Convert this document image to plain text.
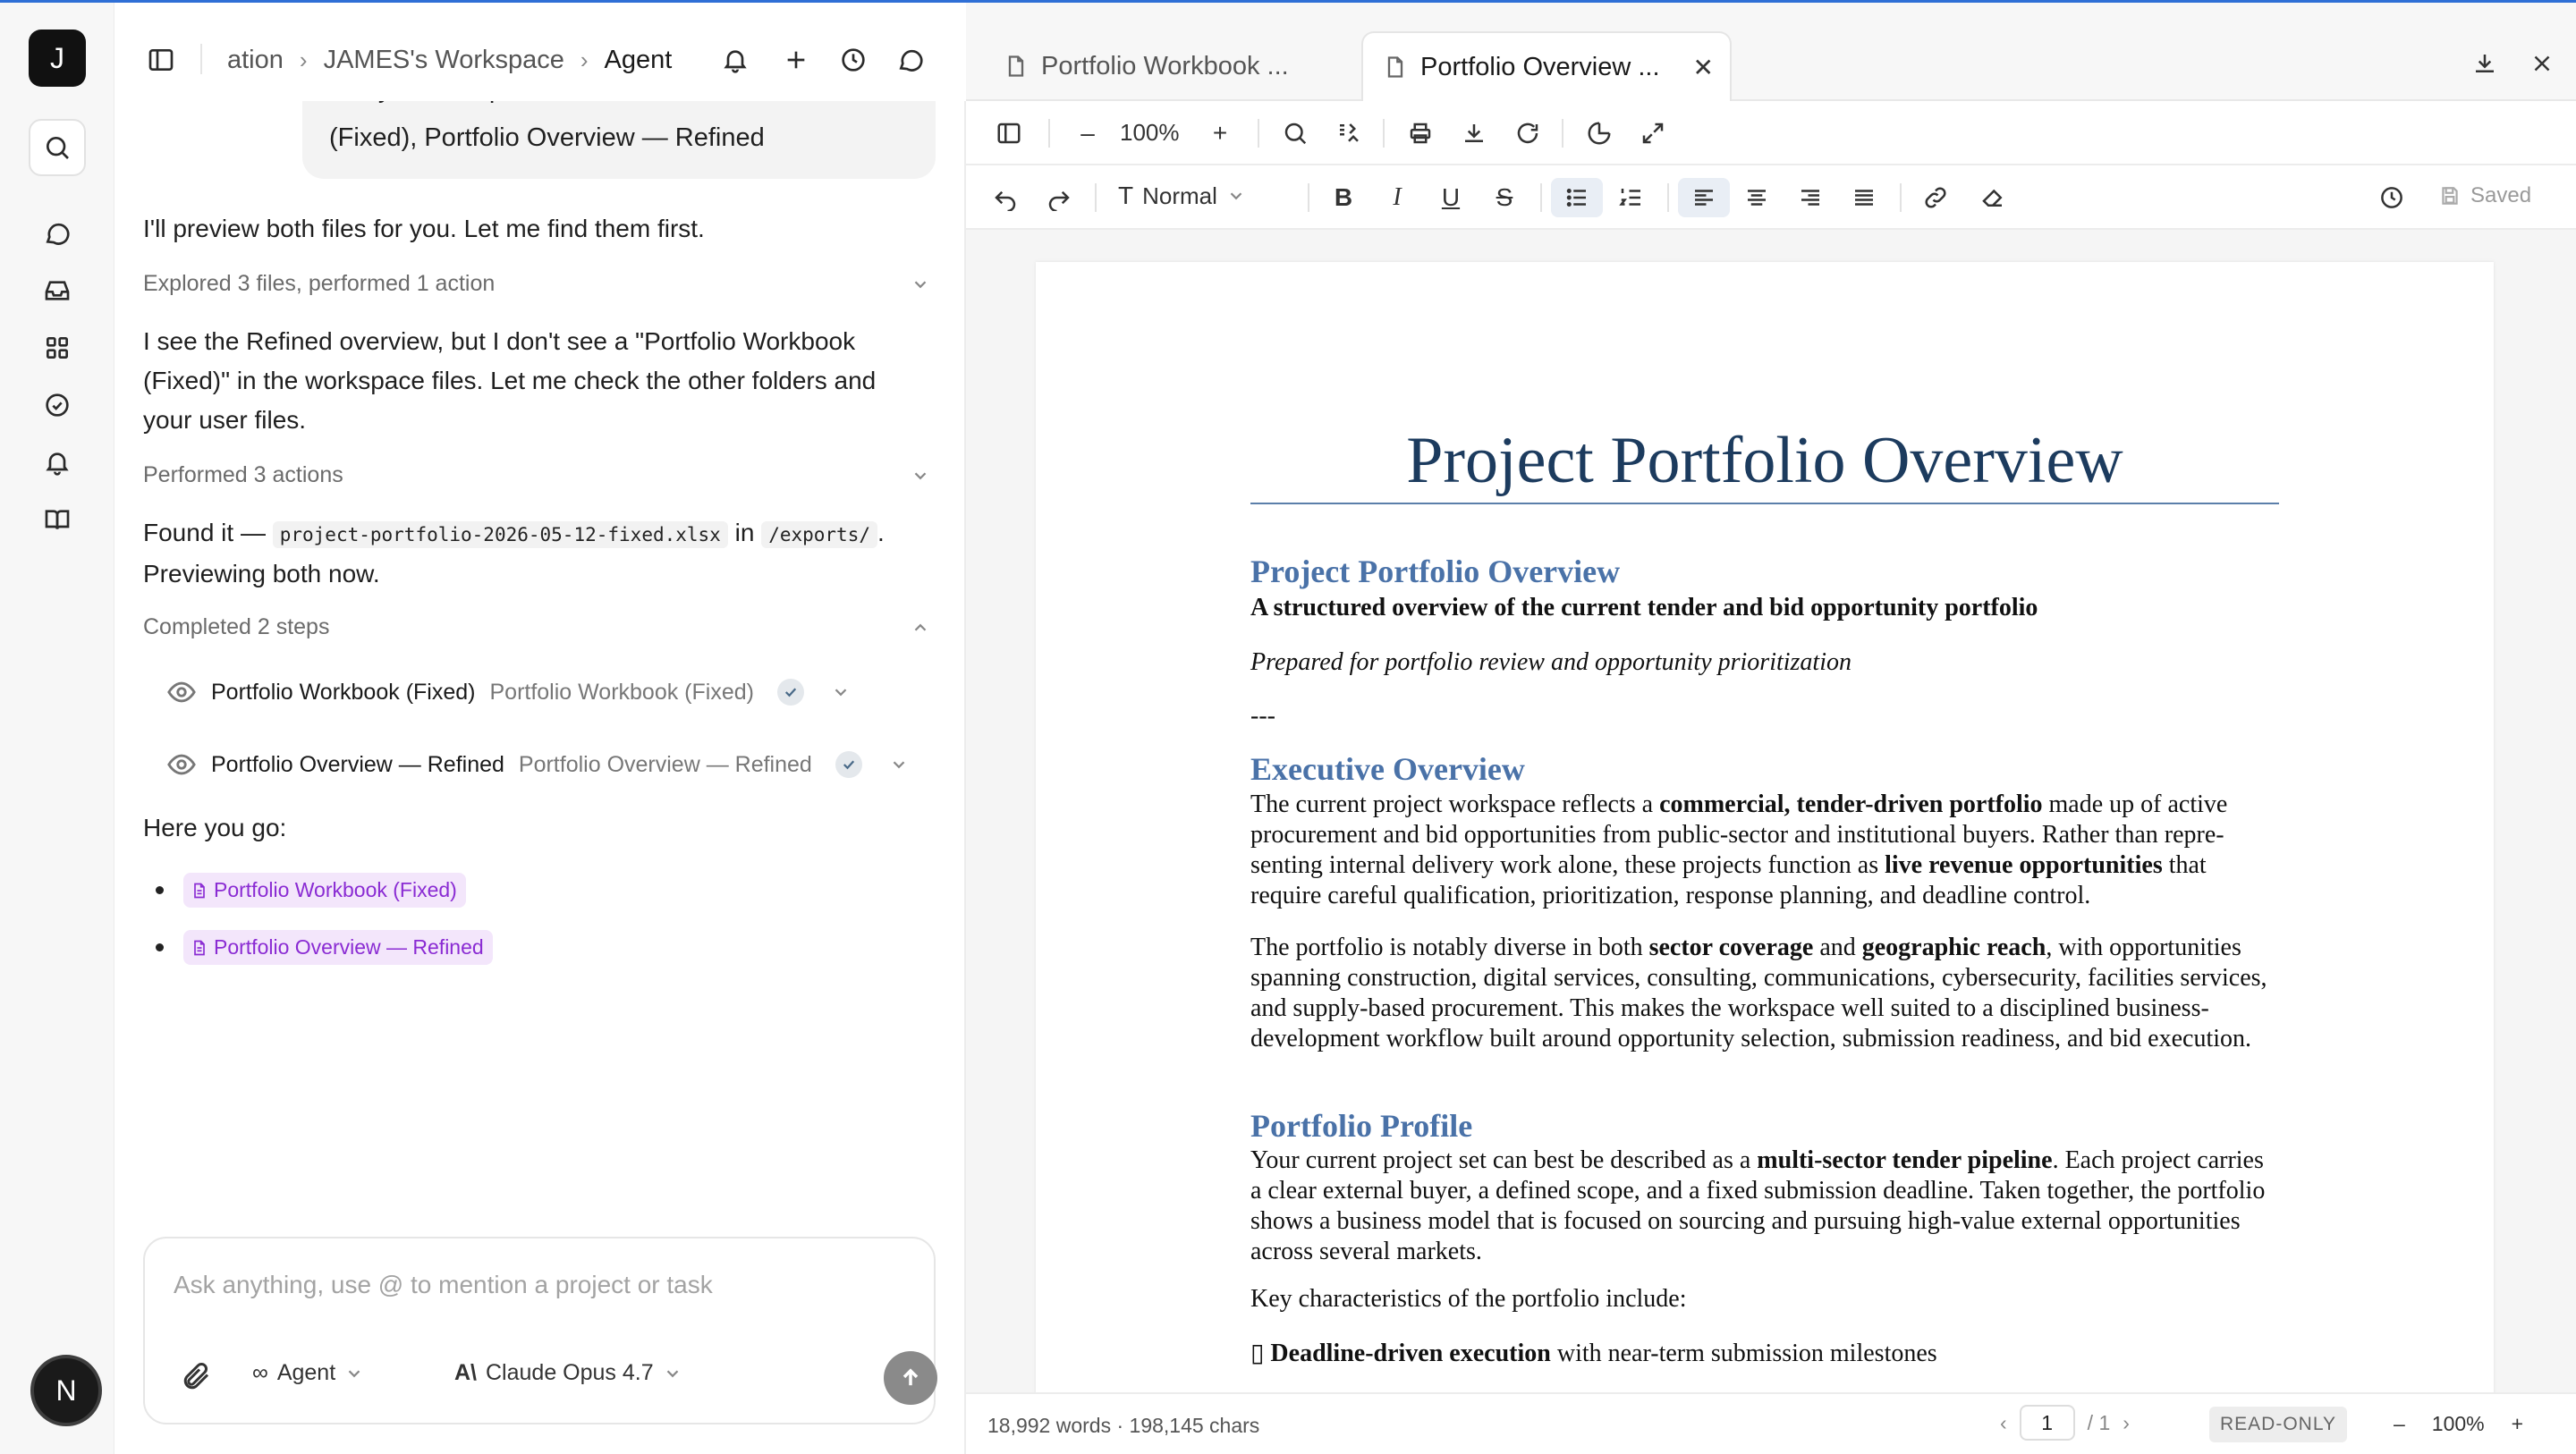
J
N
(Fixed), Portfolio Overview — Refined
ation › JAMES's Workspace › Agent
I'll preview both files for you. Let me find them first.
Explored 3 files, performed 1 action
I see the Refined overview, but I don't see a "Portfolio Workbook (Fixed)" in the workspace files. Let me check the other folders and your user files.
Performed 3 actions
Found it — project-portfolio-2026-05-12-fixed.xlsx in /exports/ .
Previewing both now.
Completed 2 steps
Portfolio Workbook (Fixed) Portfolio Workbook (Fixed)
Portfolio Overview — Refined Portfolio Overview — Refined
Here you go:
Portfolio Workbook (Fixed)
Portfolio Overview — Refined
Ask anything, use @ to mention a project or task
∞ Agent	A\ Claude Opus 4.7
Portfolio Workbook ...	Portfolio Overview ... ✕
–	100%	+
T Normal	B I U S	Saved
Project Portfolio Overview
Project Portfolio Overview
A structured overview of the current tender and bid opportunity portfolio
Prepared for portfolio review and opportunity prioritization
---
Executive Overview
The current project workspace reflects a commercial, tender-driven portfolio made up of active procurement and bid opportunities from public-sector and institutional buyers. Rather than representing internal delivery work alone, these projects function as live revenue opportunities that require careful qualification, prioritization, response planning, and deadline control.
The portfolio is notably diverse in both sector coverage and geographic reach, with opportunities spanning construction, digital services, consulting, communications, cybersecurity, facilities services, and supply-based procurement. This makes the workspace well suited to a disciplined business-development workflow built around opportunity selection, submission readiness, and bid execution.
Portfolio Profile
Your current project set can best be described as a multi-sector tender pipeline. Each project carries a clear external buyer, a defined scope, and a fixed submission deadline. Taken together, the portfolio shows a business model that is focused on sourcing and pursuing high-value external opportunities across several markets.
Key characteristics of the portfolio include:
▯ Deadline-driven execution with near-term submission milestones
18,992 words · 198,145 chars	‹	1	/ 1 ›	READ-ONLY	– 100% +
